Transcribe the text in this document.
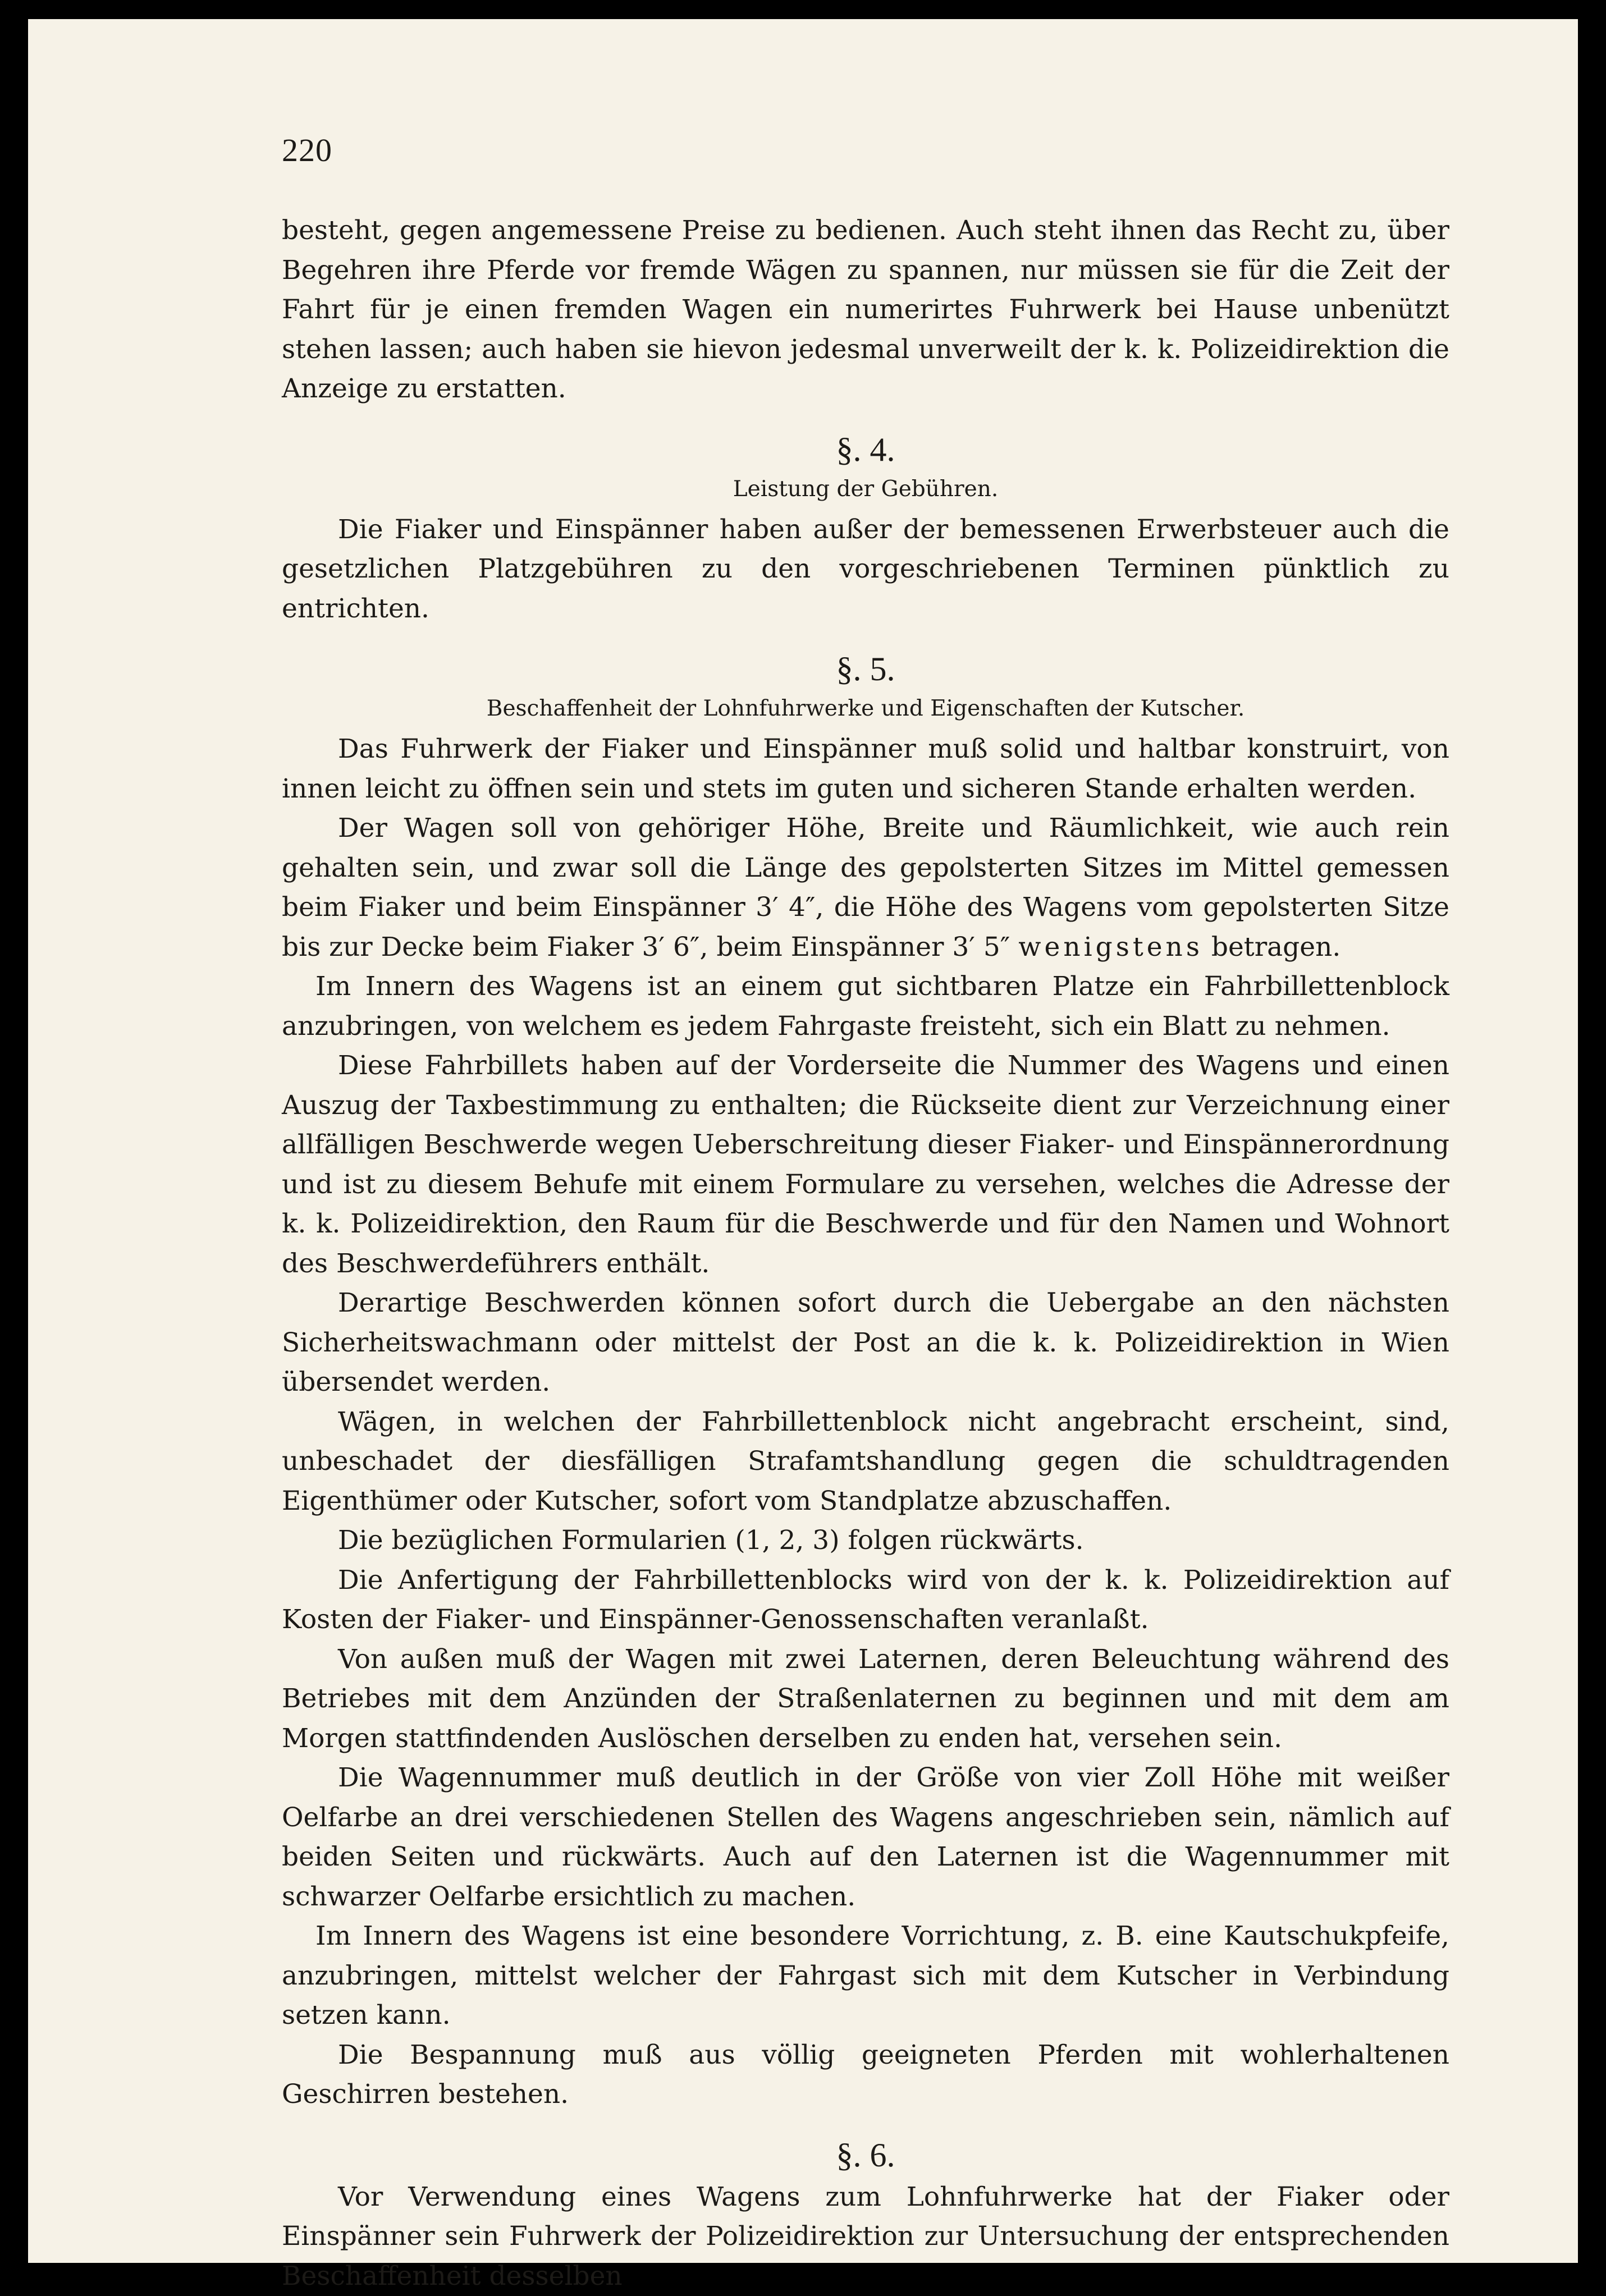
220

besteht, gegen angemessene Preise zu bedienen. Auch steht ihnen das Recht zu, über Begehren ihre Pferde vor fremde Wägen zu spannen, nur müssen sie für die Zeit der Fahrt für je einen fremden Wagen ein numerirtes Fuhrwerk bei Hause unbenützt stehen lassen; auch haben sie hievon jedesmal unverweilt der k. k. Polizeidirektion die Anzeige zu erstatten.

§. 4.
Leistung der Gebühren.

Die Fiaker und Einspänner haben außer der bemessenen Erwerbsteuer auch die gesetzlichen Platzgebühren zu den vorgeschriebenen Terminen pünktlich zu entrichten.

§. 5.
Beschaffenheit der Lohnfuhrwerke und Eigenschaften der Kutscher.

Das Fuhrwerk der Fiaker und Einspänner muß solid und haltbar konstruirt, von innen leicht zu öffnen sein und stets im guten und sicheren Stande erhalten werden.

Der Wagen soll von gehöriger Höhe, Breite und Räumlichkeit, wie auch rein gehalten sein, und zwar soll die Länge des gepolsterten Sitzes im Mittel gemessen beim Fiaker und beim Einspänner 3′ 4″, die Höhe des Wagens vom gepolsterten Sitze bis zur Decke beim Fiaker 3′ 6″, beim Einspänner 3′ 5″ wenigstens betragen.

Im Innern des Wagens ist an einem gut sichtbaren Platze ein Fahrbillettenblock anzubringen, von welchem es jedem Fahrgaste freisteht, sich ein Blatt zu nehmen.

Diese Fahrbillets haben auf der Vorderseite die Nummer des Wagens und einen Auszug der Taxbestimmung zu enthalten; die Rückseite dient zur Verzeichnung einer allfälligen Beschwerde wegen Ueberschreitung dieser Fiaker- und Einspännerordnung und ist zu diesem Behufe mit einem Formulare zu versehen, welches die Adresse der k. k. Polizeidirektion, den Raum für die Beschwerde und für den Namen und Wohnort des Beschwerdeführers enthält.

Derartige Beschwerden können sofort durch die Uebergabe an den nächsten Sicherheitswachmann oder mittelst der Post an die k. k. Polizeidirektion in Wien übersendet werden.

Wägen, in welchen der Fahrbillettenblock nicht angebracht erscheint, sind, unbeschadet der diesfälligen Strafamtshandlung gegen die schuldtragenden Eigenthümer oder Kutscher, sofort vom Standplatze abzuschaffen.

Die bezüglichen Formularien (1, 2, 3) folgen rückwärts.

Die Anfertigung der Fahrbillettenblocks wird von der k. k. Polizeidirektion auf Kosten der Fiaker- und Einspänner-Genossenschaften veranlaßt.

Von außen muß der Wagen mit zwei Laternen, deren Beleuchtung während des Betriebes mit dem Anzünden der Straßenlaternen zu beginnen und mit dem am Morgen stattfindenden Auslöschen derselben zu enden hat, versehen sein.

Die Wagennummer muß deutlich in der Größe von vier Zoll Höhe mit weißer Oelfarbe an drei verschiedenen Stellen des Wagens angeschrieben sein, nämlich auf beiden Seiten und rückwärts. Auch auf den Laternen ist die Wagennummer mit schwarzer Oelfarbe ersichtlich zu machen.

Im Innern des Wagens ist eine besondere Vorrichtung, z. B. eine Kautschukpfeife, anzubringen, mittelst welcher der Fahrgast sich mit dem Kutscher in Verbindung setzen kann.

Die Bespannung muß aus völlig geeigneten Pferden mit wohlerhaltenen Geschirren bestehen.

§. 6.

Vor Verwendung eines Wagens zum Lohnfuhrwerke hat der Fiaker oder Einspänner sein Fuhrwerk der Polizeidirektion zur Untersuchung der entsprechenden Beschaffenheit desselben
